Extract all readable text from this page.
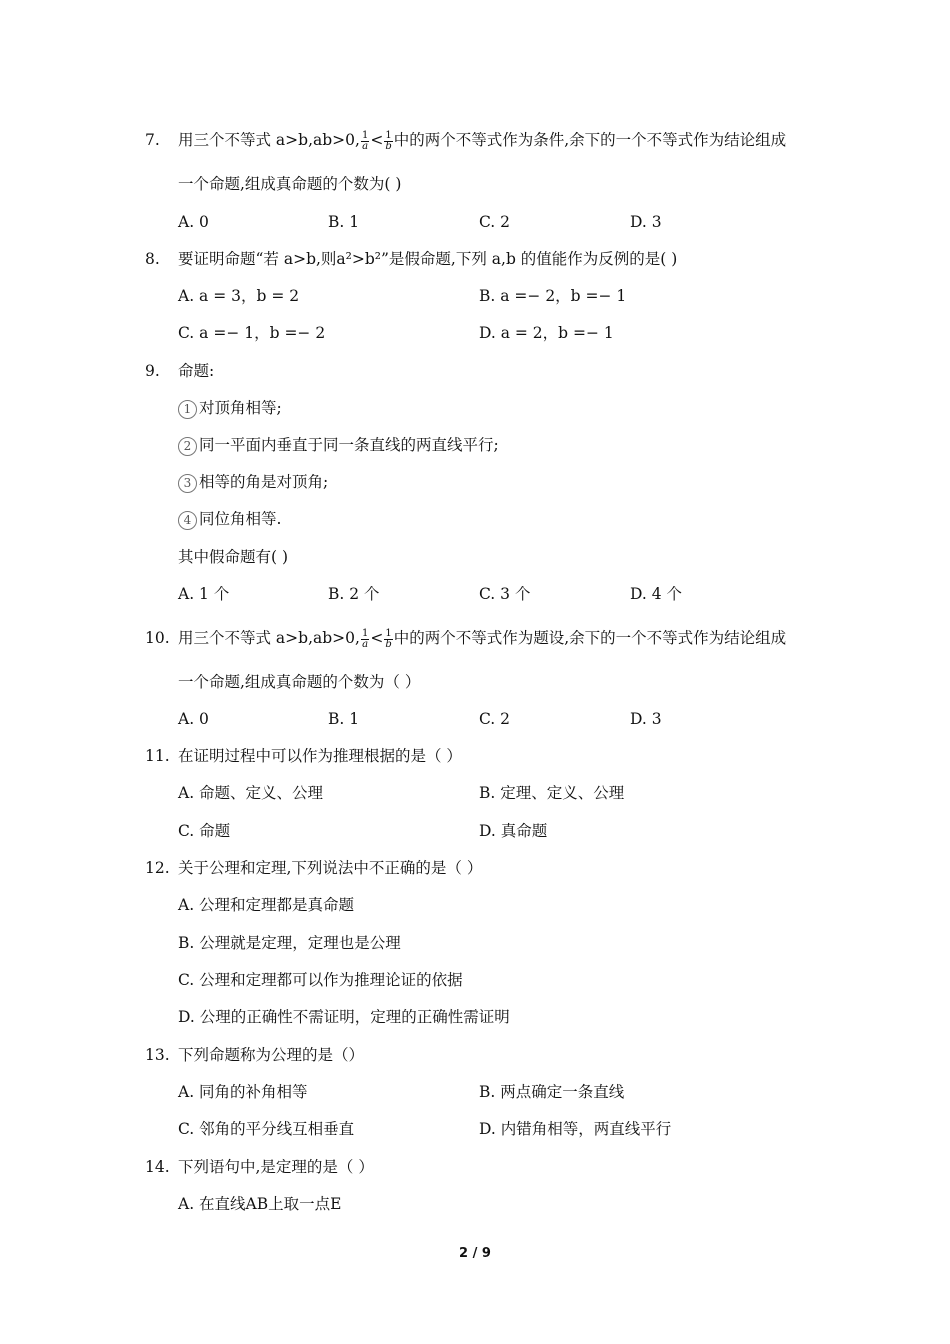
7.	用三个不等式 a>b,ab>0, $\frac{1}{a} < \frac{1}{b}$ 中的两个不等式作为条件,余下的一个不等式作为结论组成
一个命题,组成真命题的个数为( )
A. 0	B. 1	C. 2	D. 3
8.	要证明命题“若 a>b,则a²>b²”是假命题,下列 a,b 的值能作为反例的是( )
A. a = 3，b = 2	B. a =− 2，b =− 1
C. a =− 1，b =− 2	D. a = 2，b =− 1
9.	命题:
1 对顶角相等;
2 同一平面内垂直于同一条直线的两直线平行;
3 相等的角是对顶角;
4 同位角相等.
其中假命题有( )
A. 1 个	B. 2 个	C. 3 个	D. 4 个
10. 用三个不等式 a>b,ab>0, $\frac{1}{a} < \frac{1}{b}$ 中的两个不等式作为题设,余下的一个不等式作为结论组成
一个命题,组成真命题的个数为（ ）
A. 0	B. 1	C. 2	D. 3
11. 在证明过程中可以作为推理根据的是（ ）
A. 命题、定义、公理	B. 定理、定义、公理
C. 命题	D. 真命题
12. 关于公理和定理,下列说法中不正确的是（ ）
A. 公理和定理都是真命题
B. 公理就是定理，定理也是公理
C. 公理和定理都可以作为推理论证的依据
D. 公理的正确性不需证明，定理的正确性需证明
13. 下列命题称为公理的是（）
A. 同角的补角相等	B. 两点确定一条直线
C. 邻角的平分线互相垂直	D. 内错角相等，两直线平行
14. 下列语句中,是定理的是（ ）
A. 在直线AB上取一点E
2 / 9
